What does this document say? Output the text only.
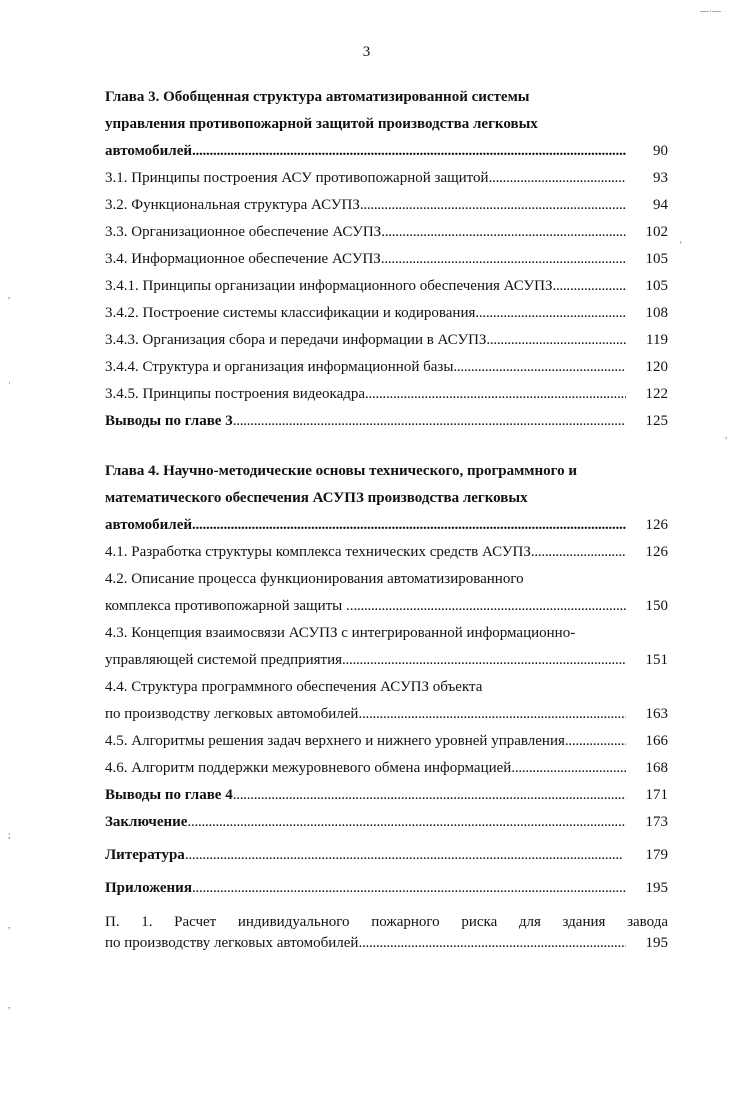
3
Глава 3. Обобщенная структура автоматизированной системы
управления противопожарной защитой производства легковых
автомобилей . . .	90
3.1. Принципы построения АСУ противопожарной защитой . . .	93
3.2. Функциональная структура АСУПЗ . . .	94
3.3. Организационное обеспечение АСУПЗ . . .	102
3.4. Информационное обеспечение АСУПЗ . . .	105
3.4.1. Принципы организации информационного обеспечения АСУПЗ . . .	105
3.4.2. Построение системы классификации и кодирования . . .	108
3.4.3. Организация сбора и передачи информации в АСУПЗ . . .	119
3.4.4. Структура и организация информационной базы . . .	120
3.4.5. Принципы построения видеокадра . . .	122
Выводы по главе 3 . . .	125
Глава 4. Научно-методические основы технического, программного и
математического обеспечения АСУПЗ производства легковых
автомобилей . . .	126
4.1. Разработка структуры комплекса технических средств АСУПЗ . . .	126
4.2. Описание процесса функционирования автоматизированного
комплекса противопожарной защиты .. . . .	150
4.3. Концепция взаимосвязи АСУПЗ с интегрированной информационно-
управляющей системой предприятия . . .	151
4.4. Структура программного обеспечения АСУПЗ объекта
по производству легковых автомобилей . . .	163
4.5. Алгоритмы решения задач верхнего и нижнего уровней управления . . .	166
4.6. Алгоритм поддержки межуровневого обмена информацией . . .	168
Выводы по главе 4 . . .	171
Заключение . . .	173
Литература . . .	179
Приложения . . .	195
П. 1. Расчет индивидуального пожарного риска для здания завода
по производству легковых автомобилей . . .	195
—·—
,
·
;
,
,
'
,
